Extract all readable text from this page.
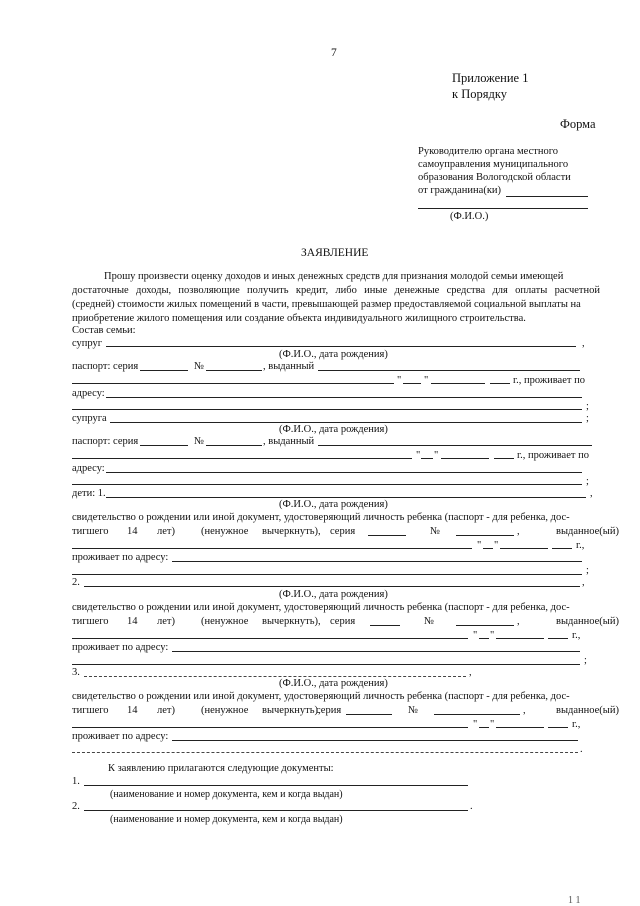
7
Приложение 1
к Порядку
Форма
Руководителю органа местного
самоуправления муниципального
образования Вологодской области
от гражданина(ки)
(Ф.И.О.)
ЗАЯВЛЕНИЕ
Прошу произвести оценку доходов и иных денежных средств для признания молодой семьи имеющей
достаточные доходы, позволяющие получить кредит, либо иные денежные средства для оплаты расчетной
(средней) стоимости жилых помещений в части, превышающей размер предоставляемой социальной выплаты на
приобретение жилого помещения или создание объекта индивидуального жилищного строительства.
Состав семьи:
супруг	,
(Ф.И.О., дата рождения)
паспорт: серия	№	, выданный
" "	г., проживает по
адресу:
;
супруга	;
(Ф.И.О., дата рождения)
паспорт: серия	№	, выданный
" "	г., проживает по
адресу:
;
дети: 1.	,
(Ф.И.О., дата рождения)
свидетельство о рождении или иной документ, удостоверяющий личность ребенка (паспорт - для ребенка, дос-
тигшего 14 лет) (ненужное вычеркнуть), серия	№	,	выданное(ый)
" "	г.,
проживает по адресу:
;
2.	,
(Ф.И.О., дата рождения)
свидетельство о рождении или иной документ, удостоверяющий личность ребенка (паспорт - для ребенка, дос-
тигшего 14 лет) (ненужное вычеркнуть), серия	№	,	выданное(ый)
" "	г.,
проживает по адресу:
;
3.	,
(Ф.И.О., дата рождения)
свидетельство о рождении или иной документ, удостоверяющий личность ребенка (паспорт - для ребенка, дос-
тигшего 14 лет) (ненужное вычеркнуть),
серия	№	,	выданное(ый)
" "	г.,
проживает по адресу:
.
К заявлению прилагаются следующие документы:
1.
(наименование и номер документа, кем и когда выдан)
2.	.
(наименование и номер документа, кем и когда выдан)
1 1
